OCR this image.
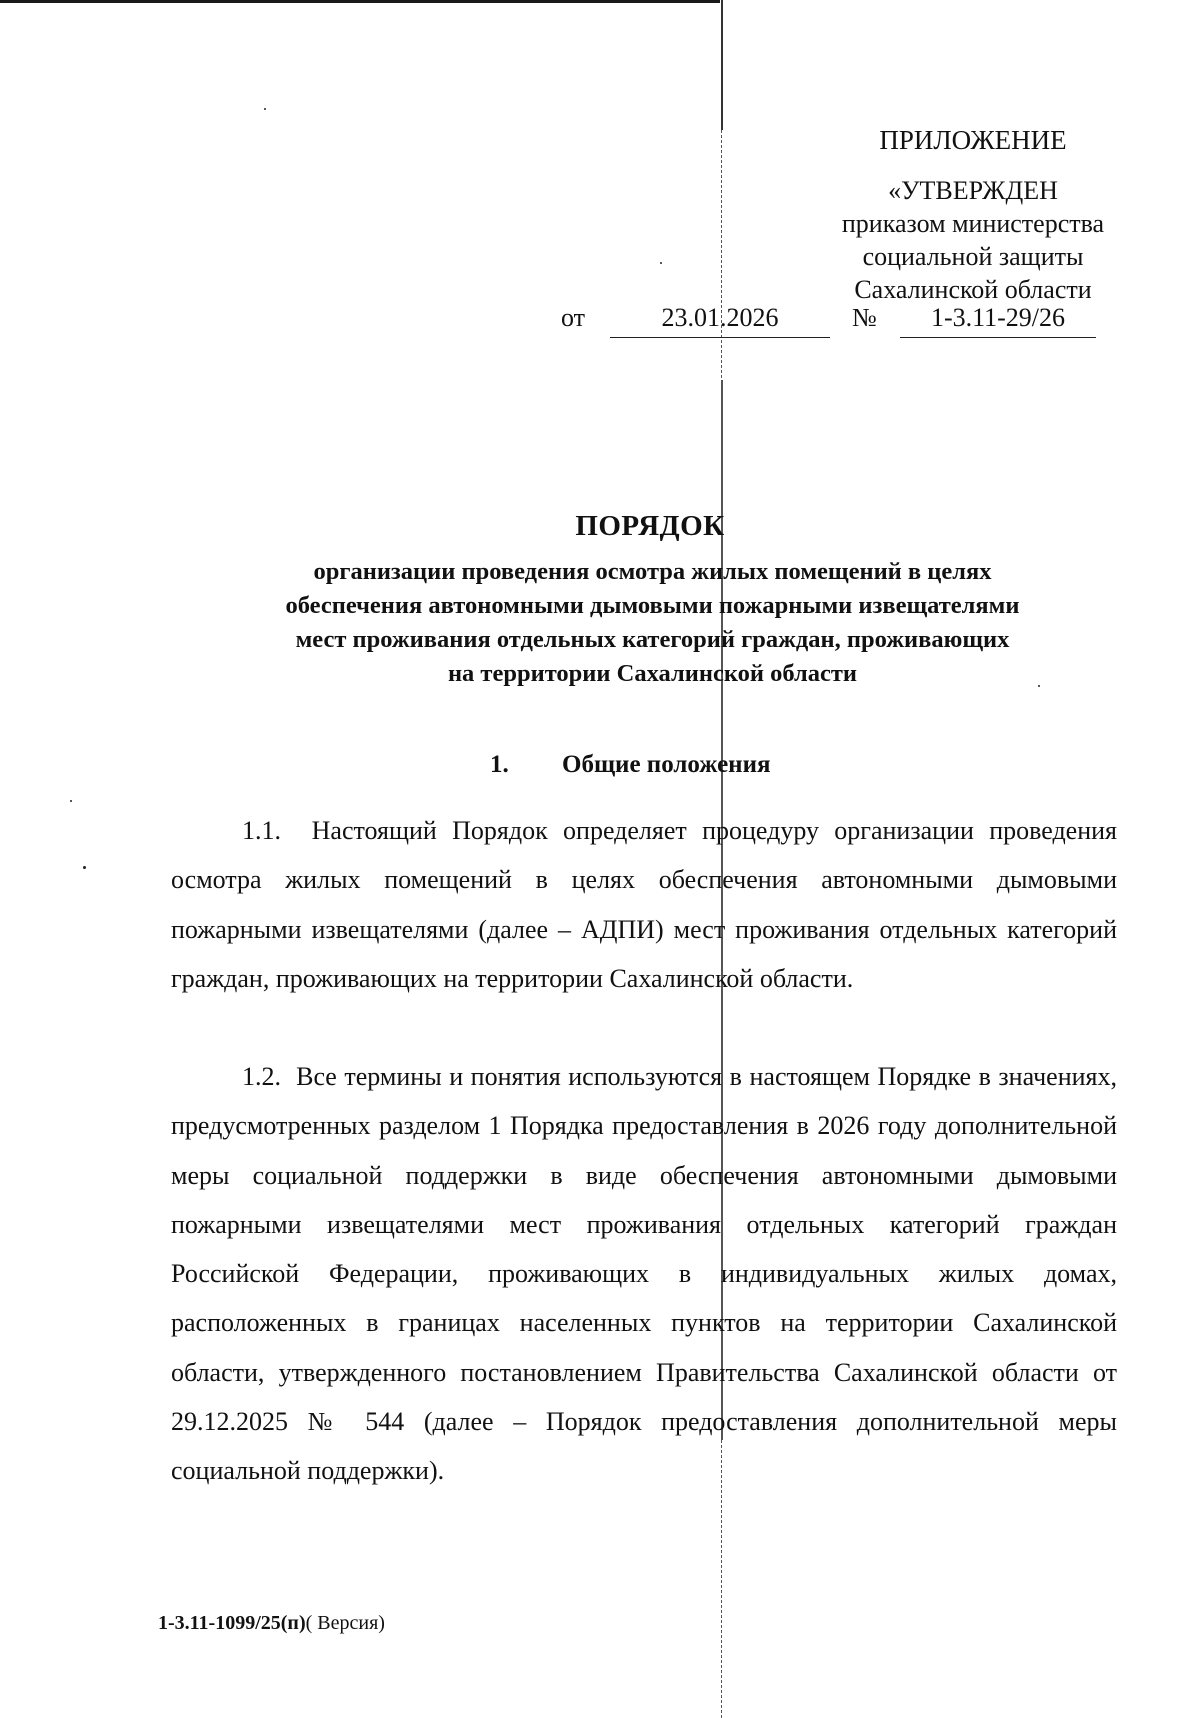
ПРИЛОЖЕНИЕ
«УТВЕРЖДЕН
приказом министерства
социальной защиты
Сахалинской области
от	23.01.2026	№	1-3.11-29/26
ПОРЯДОК
организации проведения осмотра жилых помещений в целях
обеспечения автономными дымовыми пожарными извещателями
мест проживания отдельных категорий граждан, проживающих
на территории Сахалинской области
1. Общие положения
1.1. Настоящий Порядок определяет процедуру организации проведения осмотра жилых помещений в целях обеспечения автономными дымовыми пожарными извещателями (далее – АДПИ) мест проживания отдельных категорий граждан, проживающих на территории Сахалинской области.
1.2. Все термины и понятия используются в настоящем Порядке в значениях, предусмотренных разделом 1 Порядка предоставления в 2026 году дополнительной меры социальной поддержки в виде обеспечения автономными дымовыми пожарными извещателями мест проживания отдельных категорий граждан Российской Федерации, проживающих в индивидуальных жилых домах, расположенных в границах населенных пунктов на территории Сахалинской области, утвержденного постановлением Правительства Сахалинской области от 29.12.2025 № 544 (далее – Порядок предоставления дополнительной меры социальной поддержки).
1-3.11-1099/25(п)( Версия)
